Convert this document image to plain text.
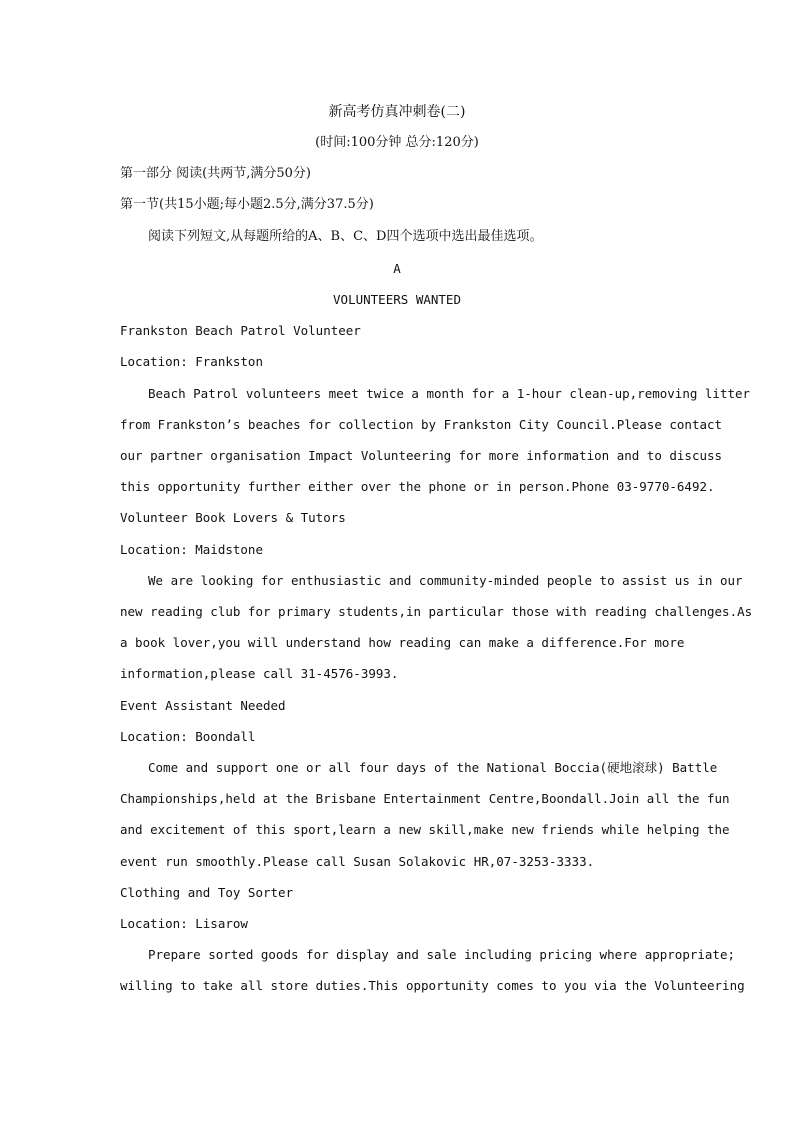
新高考仿真冲刺卷(二)
(时间:100分钟 总分:120分)
第一部分 阅读(共两节,满分50分)
第一节(共15小题;每小题2.5分,满分37.5分)
阅读下列短文,从每题所给的A、B、C、D四个选项中选出最佳选项。
A
VOLUNTEERS WANTED
Frankston Beach Patrol Volunteer
Location: Frankston
Beach Patrol volunteers meet twice a month for a 1-hour clean-up,removing litter
from Frankston’s beaches for collection by Frankston City Council.Please contact
our partner organisation Impact Volunteering for more information and to discuss
this opportunity further either over the phone or in person.Phone 03-9770-6492.
Volunteer Book Lovers & Tutors
Location: Maidstone
We are looking for enthusiastic and community-minded people to assist us in our
new reading club for primary students,in particular those with reading challenges.As
a book lover,you will understand how reading can make a difference.For more
information,please call 31-4576-3993.
Event Assistant Needed
Location: Boondall
Come and support one or all four days of the National Boccia(硬地滚球) Battle
Championships,held at the Brisbane Entertainment Centre,Boondall.Join all the fun
and excitement of this sport,learn a new skill,make new friends while helping the
event run smoothly.Please call Susan Solakovic HR,07-3253-3333.
Clothing and Toy Sorter
Location: Lisarow
Prepare sorted goods for display and sale including pricing where appropriate;
willing to take all store duties.This opportunity comes to you via the Volunteering
